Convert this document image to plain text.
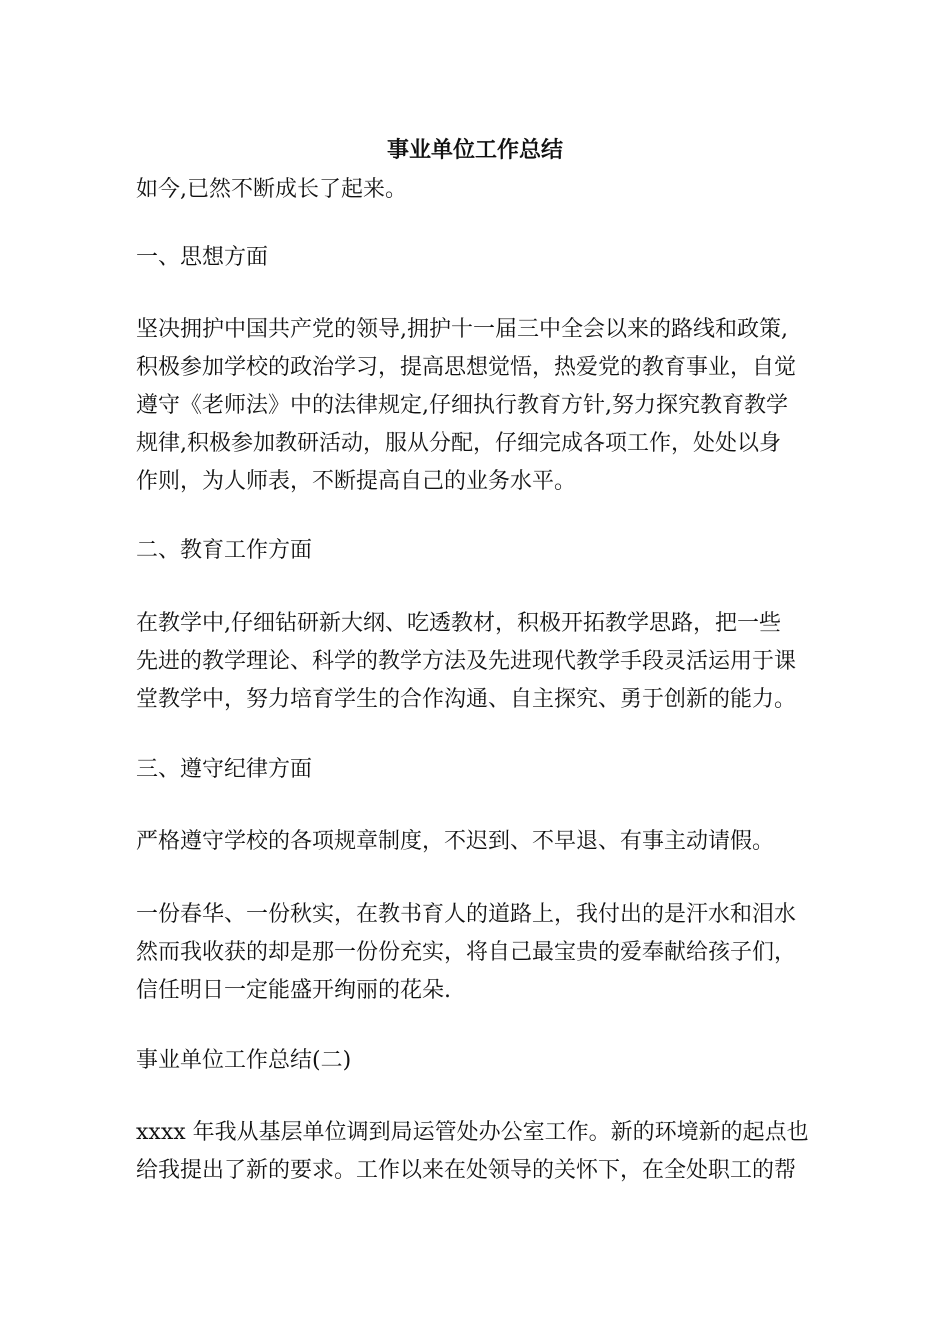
事业单位工作总结

如今,已然不断成长了起来。

一、思想方面

坚决拥护中国共产党的领导,拥护十一届三中全会以来的路线和政策,
积极参加学校的政治学习，提高思想觉悟，热爱党的教育事业，自觉
遵守《老师法》中的法律规定,仔细执行教育方针,努力探究教育教学
规律,积极参加教研活动，服从分配，仔细完成各项工作，处处以身
作则，为人师表，不断提高自己的业务水平。

二、教育工作方面

在教学中,仔细钻研新大纲、吃透教材，积极开拓教学思路，把一些
先进的教学理论、科学的教学方法及先进现代教学手段灵活运用于课
堂教学中，努力培育学生的合作沟通、自主探究、勇于创新的能力。

三、遵守纪律方面

严格遵守学校的各项规章制度，不迟到、不早退、有事主动请假。

一份春华、一份秋实，在教书育人的道路上，我付出的是汗水和泪水
然而我收获的却是那一份份充实，将自己最宝贵的爱奉献给孩子们，
信任明日一定能盛开绚丽的花朵.

事业单位工作总结(二)

xxxx 年我从基层单位调到局运管处办公室工作。新的环境新的起点也
给我提出了新的要求。工作以来在处领导的关怀下，在全处职工的帮
